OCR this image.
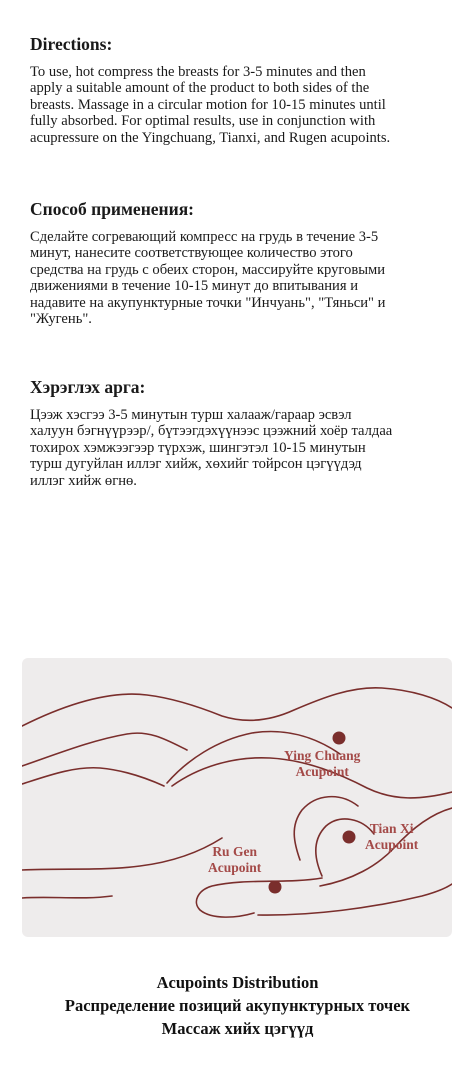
Directions:

To use, hot compress the breasts for 3-5 minutes and then
apply a suitable amount of the product to both sides of the
breasts. Massage in a circular motion for 10-15 minutes until
fully absorbed. For optimal results, use in conjunction with
acupressure on the Yingchuang, Tianxi, and Rugen acupoints.

Способ применения:

Сделайте согревающий компресс на грудь в течение 3-5
минут, нанесите соответствующее количество этого
средства на грудь с обеих сторон, массируйте круговыми
движениями в течение 10-15 минут до впитывания и
надавите на акупунктурные точки "Инчуань", "Тяньси" и
"Жугень".

Хэрэглэх арга:

Цээж хэсгээ 3-5 минутын турш халааж/гараар эсвэл
халуун бэгнүүрээр/, бүтээгдэхүүнээс цээжний хоёр талдаа
тохирох хэмжээгээр түрхэж, шингэтэл 10-15 минутын
турш дугуйлан иллэг хийж, хөхийг тойрсон цэгүүдэд
иллэг хийж өгнө.

Ying Chuang
Acupoint
Tian Xi
Acupoint
Ru Gen
Acupoint
Acupoints Distribution
Распределение позиций акупунктурных точек
Массаж хийх цэгүүд
